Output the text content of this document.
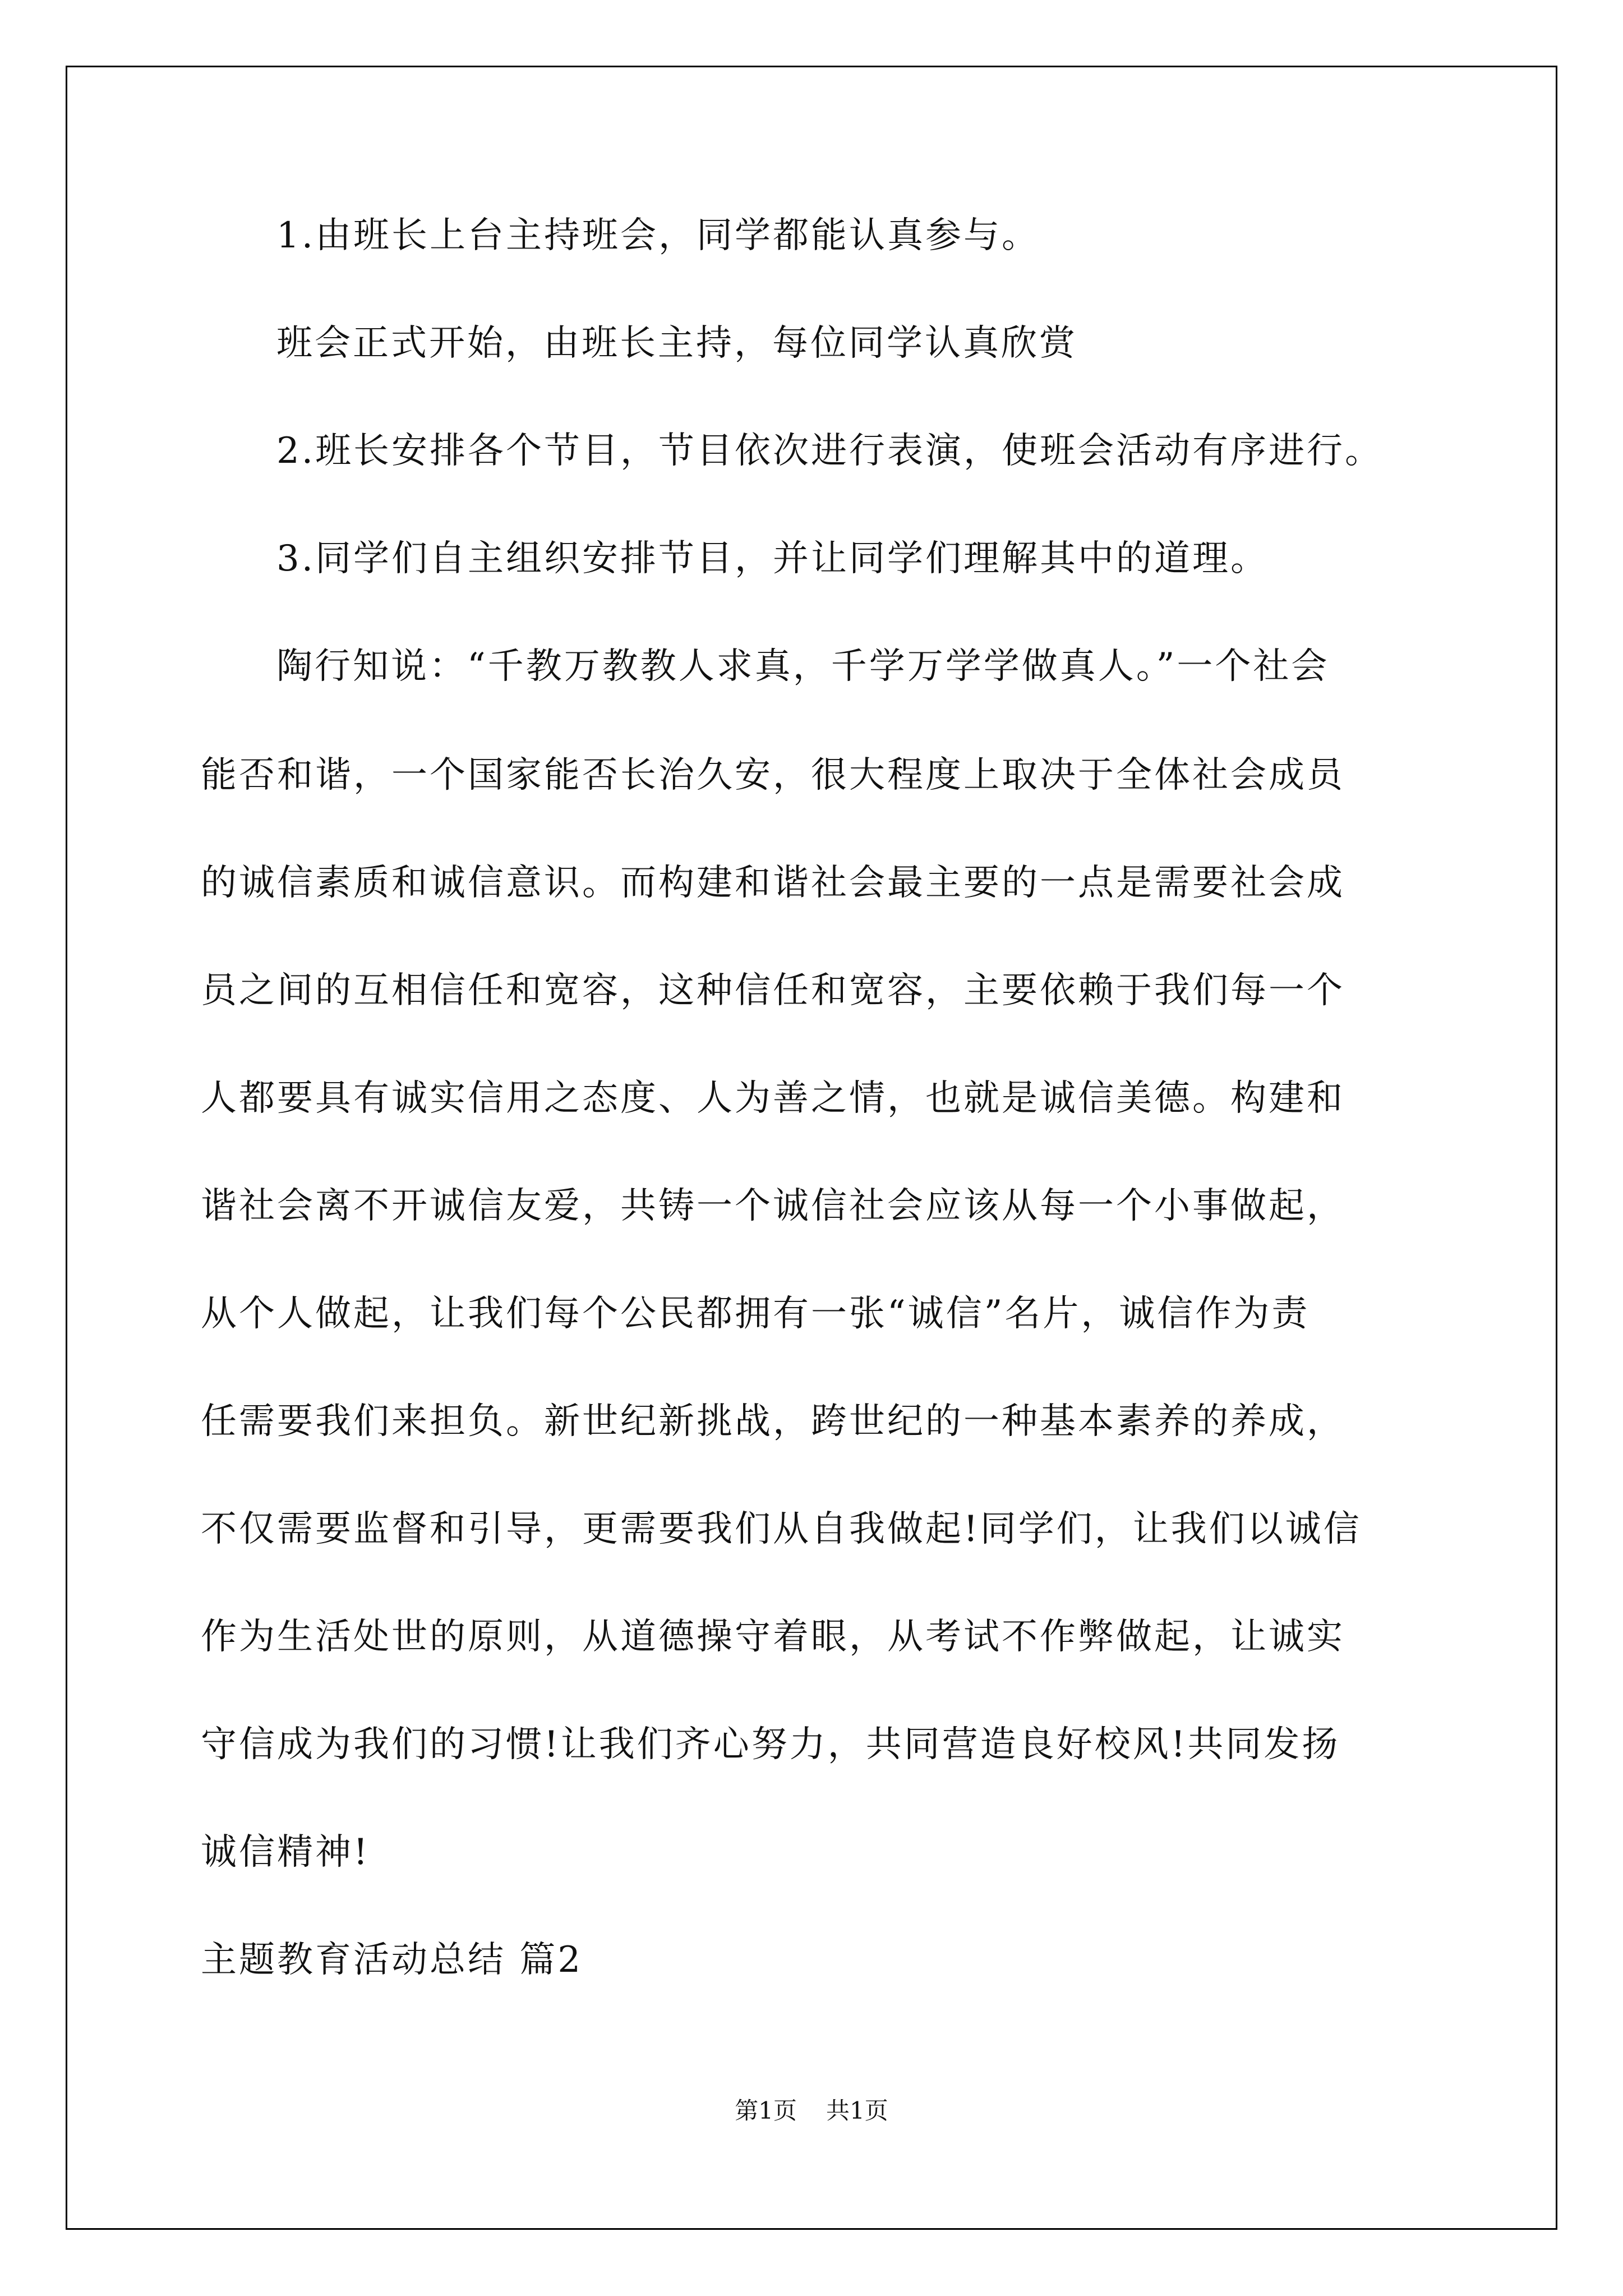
1.由班长上台主持班会，同学都能认真参与。
班会正式开始，由班长主持，每位同学认真欣赏
2.班长安排各个节目，节目依次进行表演，使班会活动有序进行。
3.同学们自主组织安排节目，并让同学们理解其中的道理。
陶行知说：“千教万教教人求真，千学万学学做真人。”一个社会
能否和谐，一个国家能否长治久安，很大程度上取决于全体社会成员
的诚信素质和诚信意识。而构建和谐社会最主要的一点是需要社会成
员之间的互相信任和宽容，这种信任和宽容，主要依赖于我们每一个
人都要具有诚实信用之态度、人为善之情，也就是诚信美德。构建和
谐社会离不开诚信友爱，共铸一个诚信社会应该从每一个小事做起，
从个人做起，让我们每个公民都拥有一张“诚信”名片，诚信作为责
任需要我们来担负。新世纪新挑战，跨世纪的一种基本素养的养成，
不仅需要监督和引导，更需要我们从自我做起!同学们，让我们以诚信
作为生活处世的原则，从道德操守着眼，从考试不作弊做起，让诚实
守信成为我们的习惯!让我们齐心努力，共同营造良好校风!共同发扬
诚信精神!
主题教育活动总结 篇2
第1页 共1页
